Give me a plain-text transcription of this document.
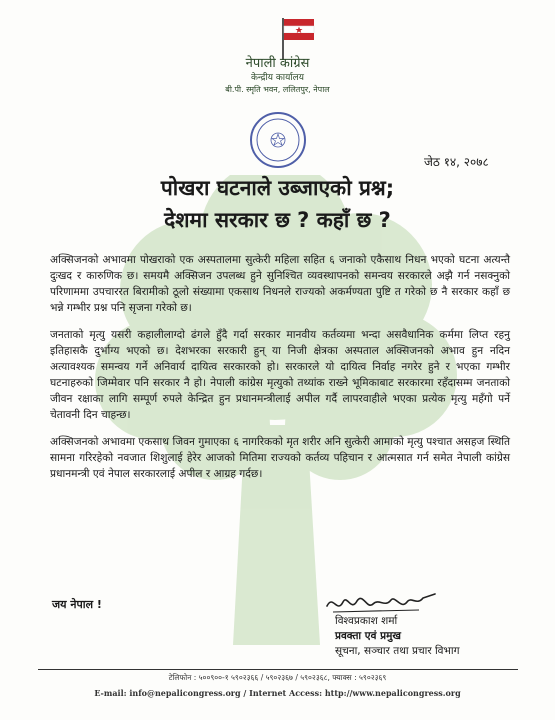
नेपाली कांग्रेस
केन्द्रीय कार्यालय
बी.पी. स्मृति भवन, ललितपुर, नेपाल
जेठ १४, २०७८
पोखरा घटनाले उब्जाएको प्रश्न;
देशमा सरकार छ ? कहाँ छ ?

अक्सिजनको अभावमा पोखराको एक अस्पतालमा सुत्केरी महिला सहित ६ जनाको एकैसाथ निधन भएको घटना अत्यन्तै दुःखद र कारुणिक छ। समयमै अक्सिजन उपलब्ध हुने सुनिश्चित व्यवस्थापनको समन्वय सरकारले अझै गर्न नसक्नुको परिणाममा उपचाररत बिरामीको ठूलो संख्यामा एकसाथ निधनले राज्यको अकर्मण्यता पुष्टि त गरेको छ नै सरकार कहाँ छ भन्ने गम्भीर प्रश्न पनि सृजना गरेको छ।

जनताको मृत्यु यसरी कहालीलाग्दो ढंगले हुँदै गर्दा सरकार मानवीय कर्तव्यमा भन्दा असवैधानिक कर्ममा लिप्त रहनु इतिहासकै दुर्भाग्य भएको छ। देशभरका सरकारी हुन् या निजी क्षेत्रका अस्पताल अक्सिजनको अभाव हुन नदिन अत्यावश्यक समन्वय गर्ने अनिवार्य दायित्व सरकारको हो। सरकारले यो दायित्व निर्वाह नगरेर हुने र भएका गम्भीर घटनाहरुको जिम्मेवार पनि सरकार नै हो। नेपाली कांग्रेस मृत्युको तथ्यांक राख्ने भूमिकाबाट सरकारमा रहँदासम्म जनताको जीवन रक्षाका लागि सम्पूर्ण रुपले केन्द्रित हुन प्रधानमन्त्रीलाई अपील गर्दै लापरवाहीले भएका प्रत्येक मृत्यु महँगो पर्ने चेतावनी दिन चाहन्छ।

अक्सिजनको अभावमा एकसाथ जिवन गुमाएका ६ नागरिकको मृत शरीर अनि सुत्केरी आमाको मृत्यु पश्चात असहज स्थिति सामना गरिरहेको नवजात शिशुलाई हेरेर आजको मितिमा राज्यको कर्तव्य पहिचान र आत्मसात गर्न समेत नेपाली कांग्रेस प्रधानमन्त्री एवं नेपाल सरकारलाई अपील र आग्रह गर्दछ।

जय नेपाल !
विश्वप्रकाश शर्मा
प्रवक्ता एवं प्रमुख
सूचना, सञ्चार तथा प्रचार विभाग
टेलिफोन : ५००९००-१ ५९०२३६६ / ५९०२३६७ / ५९०२३६८, फ्याक्स : ५९०२३६९
E-mail: info@nepalicongress.org / Internet Access: http://www.nepalicongress.org
